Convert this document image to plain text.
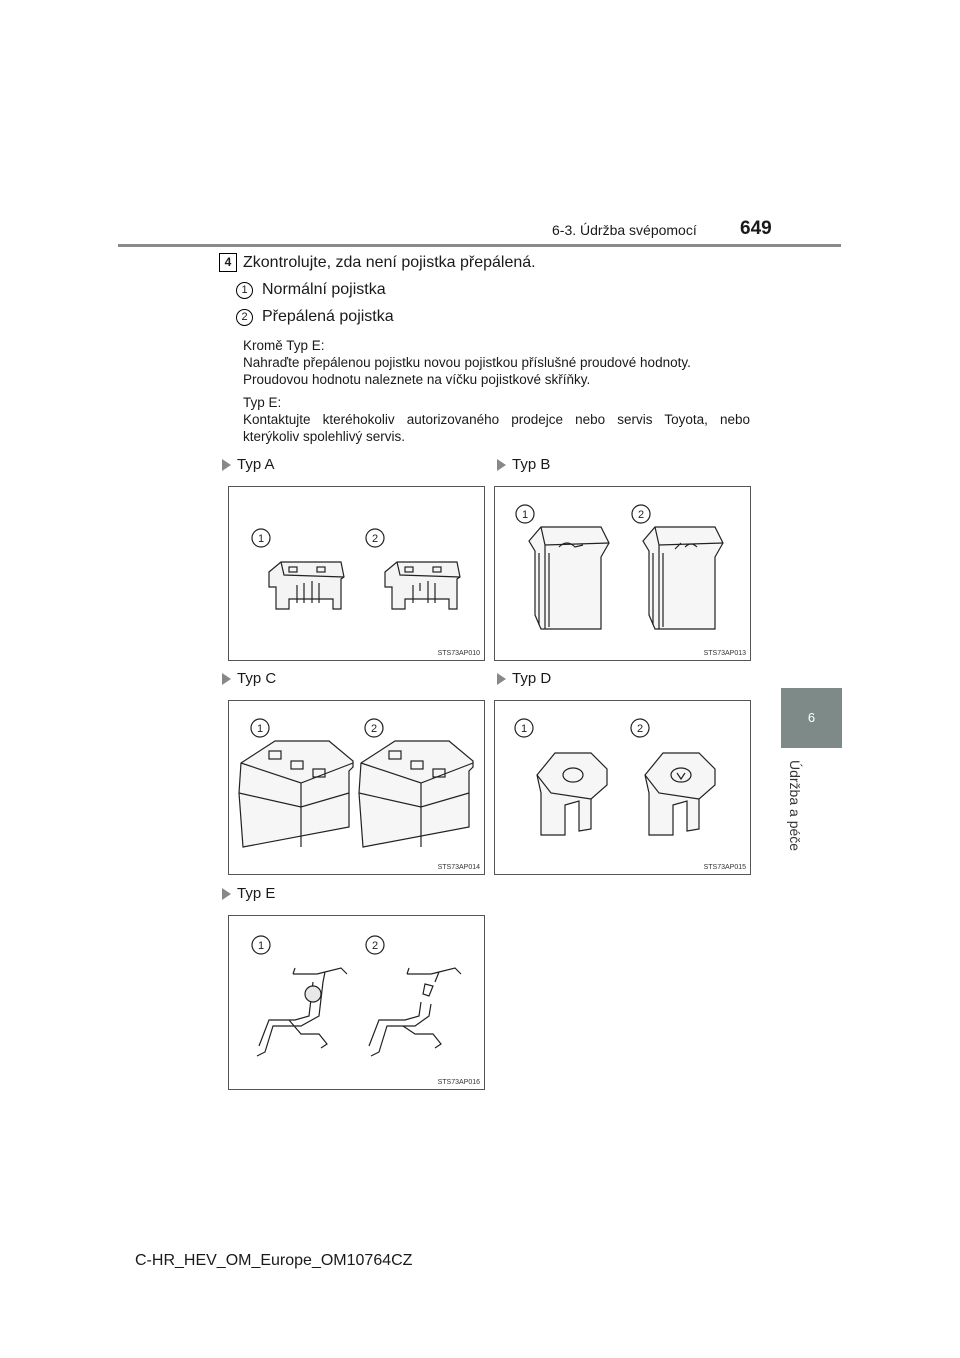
6-3. Údržba svépomocí 649
6
Údržba a péče
4 Zkontrolujte, zda není pojistka přepálená.
1 Normální pojistka
2 Přepálená pojistka
Kromě Typ E:
Nahraďte přepálenou pojistku novou pojistkou příslušné proudové hodnoty.
Proudovou hodnotu naleznete na víčku pojistkové skříňky.
Typ E:
Kontaktujte kteréhokoliv autorizovaného prodejce nebo servis Toyota, nebo kterýkoliv spolehlivý servis.
Typ A	Typ B
Typ C	Typ D
Typ E
1	2
STS73AP010
1	2
STS73AP013
1	2
STS73AP014
1	2
STS73AP015
1	2
STS73AP016
C-HR_HEV_OM_Europe_OM10764CZ
